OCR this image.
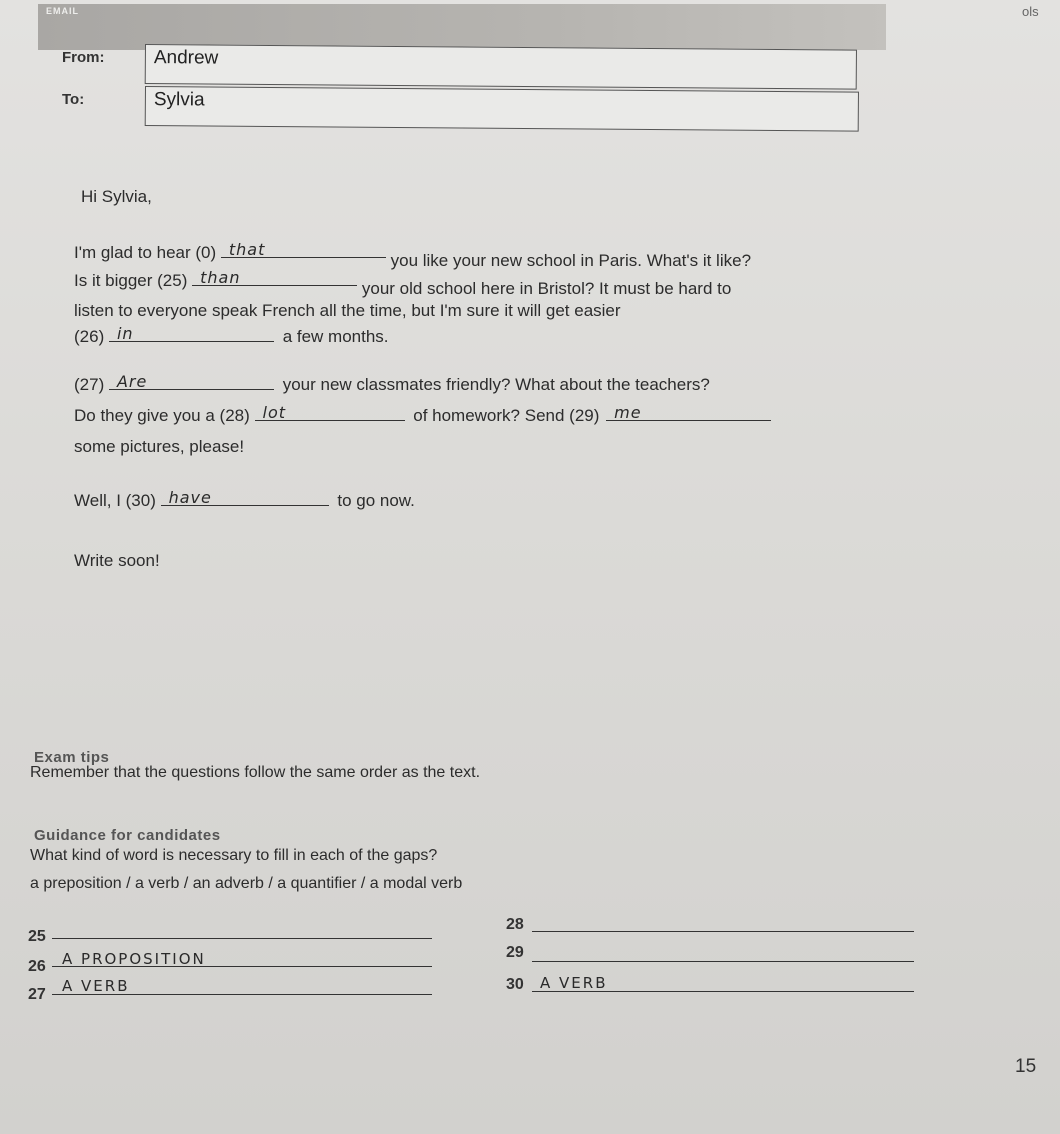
EMAIL	ols
From:	Andrew
To:	Sylvia
Hi Sylvia,
I'm glad to hear (0) that
you like your new school in Paris. What's it like?
Is it bigger (25) than
your old school here in Bristol? It must be hard to
listen to everyone speak French all the time, but I'm sure it will get easier
(26) in	a few months.
(27) Are	your new classmates friendly? What about the teachers?
Do they give you a (28) lot	of homework? Send (29) me
some pictures, please!
Well, I (30) have	to go now.
Write soon!
Exam tips
Remember that the questions follow the same order as the text.
Guidance for candidates
What kind of word is necessary to fill in each of the gaps?
a preposition / a verb / an adverb / a quantifier / a modal verb
25
26 A PROPOSITION
27 A VERB
28
29
30 A VERB
15
